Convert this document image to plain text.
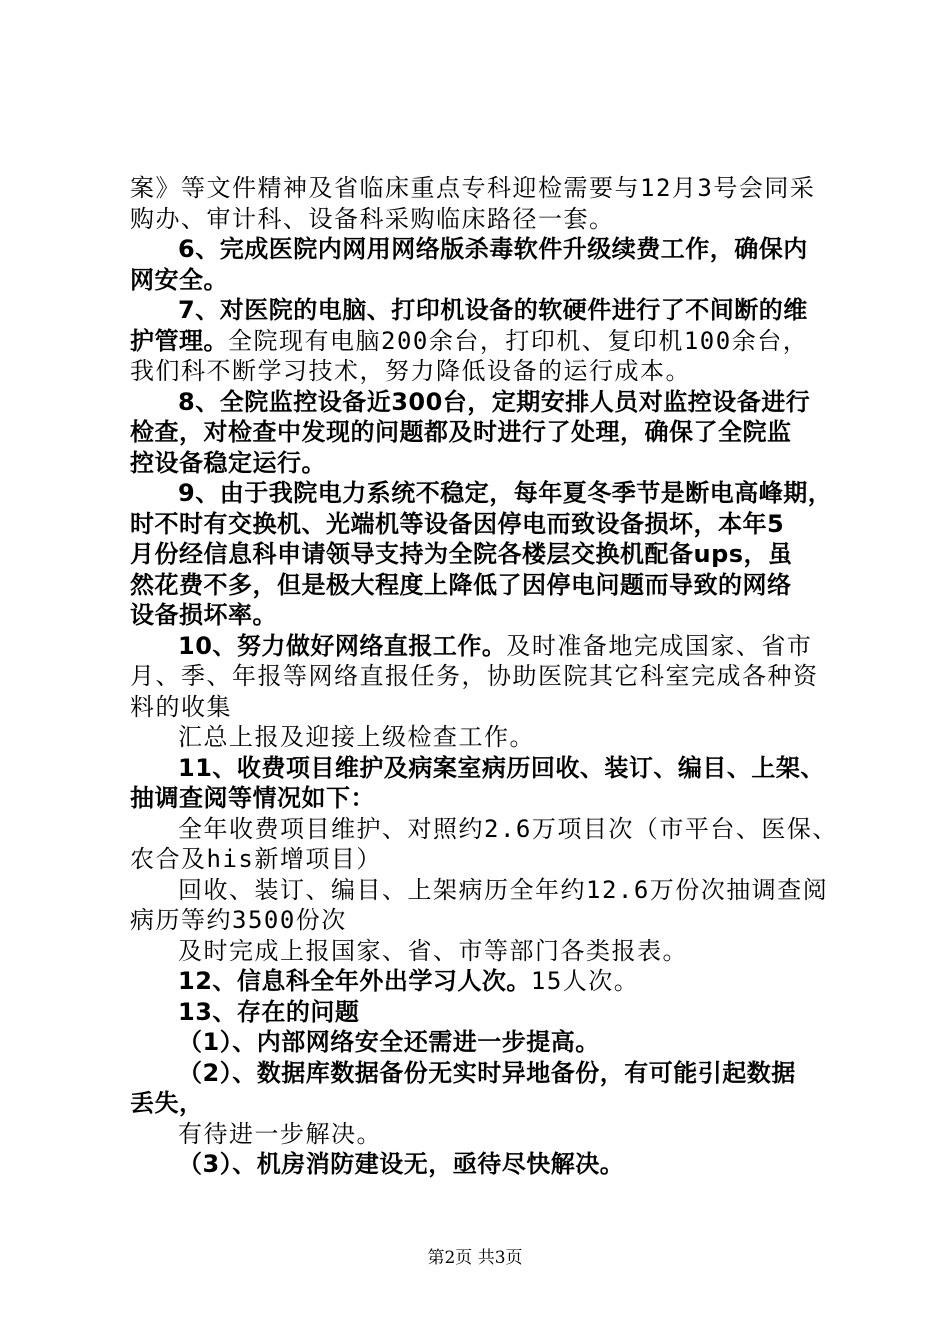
案》等文件精神及省临床重点专科迎检需要与12月3号会同采
购办、审计科、设备科采购临床路径一套。
6、完成医院内网用网络版杀毒软件升级续费工作，确保内
网安全。
7、对医院的电脑、打印机设备的软硬件进行了不间断的维
护管理。全院现有电脑200余台，打印机、复印机100余台，
我们科不断学习技术，努力降低设备的运行成本。
8、全院监控设备近300台，定期安排人员对监控设备进行
检查，对检查中发现的问题都及时进行了处理，确保了全院监
控设备稳定运行。
9、由于我院电力系统不稳定，每年夏冬季节是断电高峰期，
时不时有交换机、光端机等设备因停电而致设备损坏，本年5
月份经信息科申请领导支持为全院各楼层交换机配备ups，虽
然花费不多，但是极大程度上降低了因停电问题而导致的网络
设备损坏率。
10、努力做好网络直报工作。及时准备地完成国家、省市
月、季、年报等网络直报任务，协助医院其它科室完成各种资
料的收集
汇总上报及迎接上级检查工作。
11、收费项目维护及病案室病历回收、装订、编目、上架、
抽调查阅等情况如下：
全年收费项目维护、对照约2.6万项目次（市平台、医保、
农合及his新增项目）
回收、装订、编目、上架病历全年约12.6万份次抽调查阅
病历等约3500份次
及时完成上报国家、省、市等部门各类报表。
12、信息科全年外出学习人次。15人次。
13、存在的问题
（1）、内部网络安全还需进一步提高。
（2）、数据库数据备份无实时异地备份，有可能引起数据
丢失，
有待进一步解决。
（3）、机房消防建设无，亟待尽快解决。
第2页 共3页
